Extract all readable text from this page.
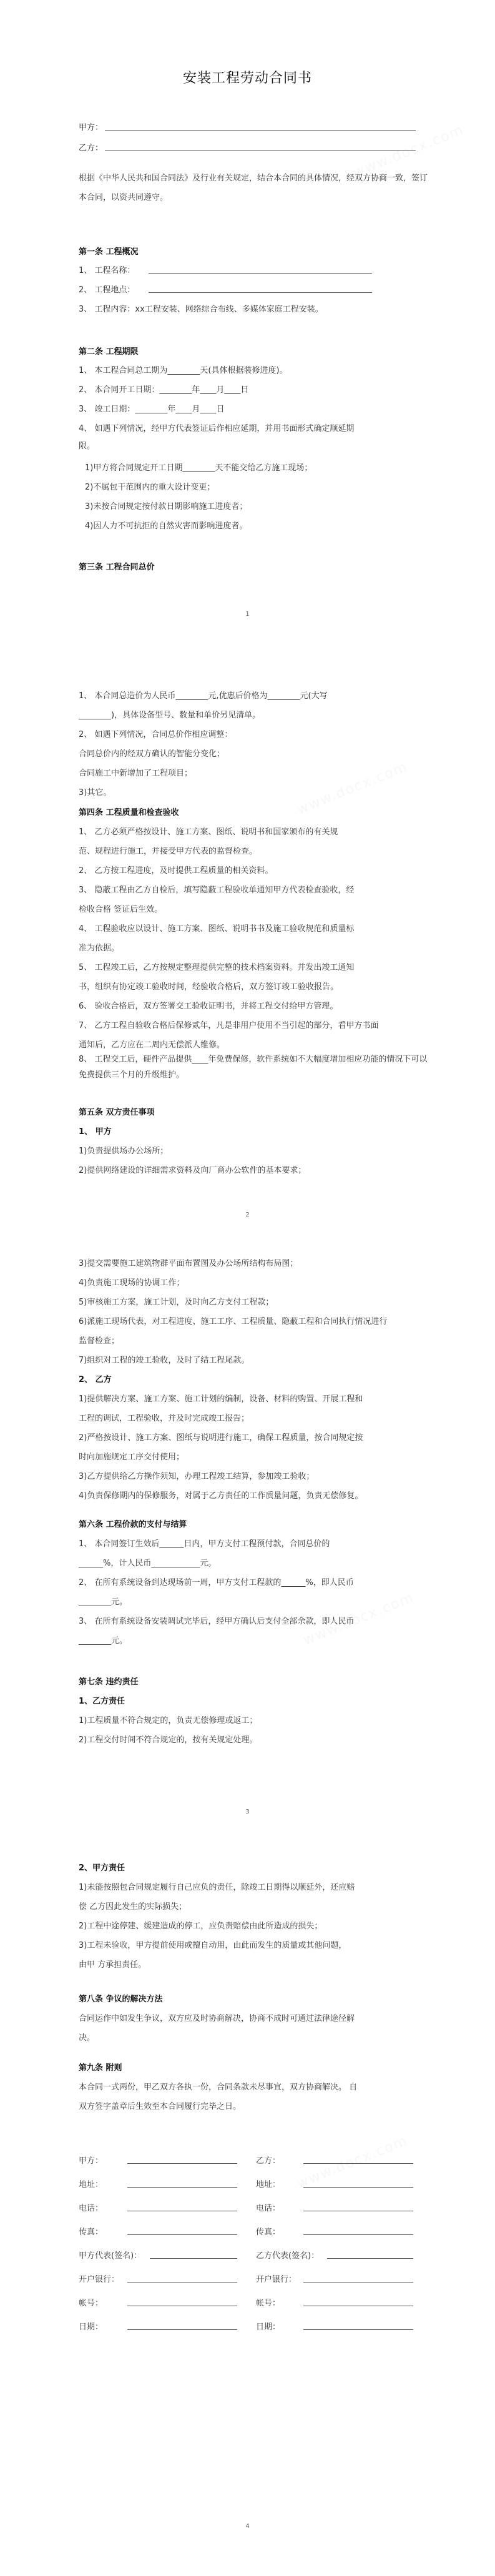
安装工程劳动合同书
甲方：
乙方：
根据《中华人民共和国合同法》及行业有关规定，结合本合同的具体情况，经双方协商一致，签订本合同，以资共同遵守。
第一条 工程概况
1、 工程名称：
2、 工程地点：
3、 工程内容：xx工程安装、网络综合布线、多媒体家庭工程安装。
第二条 工程期限
1、 本工程合同总工期为________天(具体根据装修进度)。
2、 本合同开工日期：________年____月____日
3、 竣工日期：________年____月____日
4、 如遇下列情况，经甲方代表签证后作相应延期，并用书面形式确定顺延期
限。
1)甲方将合同规定开工日期________天不能交给乙方施工现场；
2)不属包干范围内的重大设计变更；
3)未按合同规定按付款日期影响施工进度者；
4)因人力不可抗拒的自然灾害而影响进度者。
第三条 工程合同总价
1
1、 本合同总造价为人民币________元,优惠后价格为________元(大写
________)，具体设备型号、数量和单价另见清单。
2、 如遇下列情况，合同总价作相应调整：
合同总价内的经双方确认的智能分变化；
合同施工中新增加了工程项目；
3)其它。
第四条 工程质量和检查验收
1、 乙方必须严格按设计、施工方案、图纸、说明书和国家颁布的有关规
范、规程进行施工，并接受甲方代表的监督检查。
2、 乙方按工程进度，及时提供工程质量的相关资料。
3、 隐蔽工程由乙方自检后，填写隐蔽工程验收单通知甲方代表检查验收，经
检收合格 签证后生效。
4、 工程验收应以设计、施工方案、图纸、说明书书及施工验收规范和质量标
准为依据。
5、 工程竣工后，乙方按规定整理提供完整的技术档案资料。并发出竣工通知
书，组织有协定竣工验收时间，经验收合格后，双方签订竣工验收报告。
6、 验收合格后，双方签署交工验收证明书，并将工程交付给甲方管理。
7、 乙方工程自验收合格后保修贰年，凡是非用户使用不当引起的部分，看甲方书面
通知后，乙方应在二周内无偿派人维修。
8、 工程交工后，硬件产品提供____年免费保修，软件系统如不大幅度增加相应功能的情况下可以免费提供三个月的升级维护。
第五条 双方责任事项
1、 甲方
1)负责提供场办公场所；
2)提供网络建设的详细需求资料及向厂商办公软件的基本要求；
2
3)提交需要施工建筑物群平面布置图及办公场所结构布局图；
4)负责施工现场的协调工作；
5)审核施工方案，施工计划，及时向乙方支付工程款；
6)派施工现场代表，对工程进度、施工工序、工程质量、隐蔽工程和合同执行情况进行
监督检查；
7)组织对工程的竣工验收，及时了结工程尾款。
2、 乙方
1)提供解决方案、施工方案、施工计划的编制，设备、材料的购置、开展工程和
工程的调试，工程验收，并及时完成竣工报告；
2)严格按设计、施工方案、图纸与说明进行施工，确保工程质量，按合同规定按
时向加施规定工序交付使用；
3)乙方提供给乙方操作须知，办理工程竣工结算，参加竣工验收；
4)负责保修期内的保修服务，对属于乙方责任的工作质量问题，负责无偿修复。
第六条 工程价款的支付与结算
1、 本合同签订生效后______日内，甲方支付工程预付款，合同总价的
______%，计人民币____________元。
2、 在所有系统设备到达现场前一周，甲方支付工程款的______%，即人民币
________元。
3、 在所有系统设备安装调试完毕后，经甲方确认后支付全部余款，即人民币
________元。
第七条 违约责任
1、乙方责任
1)工程质量不符合规定的，负责无偿修理或返工；
2)工程交付时间不符合规定的，按有关规定处理。
3
2、甲方责任
1)未能按照包合同规定履行自己应负的责任，除竣工日期得以顺延外，还应赔
偿 乙方因此发生的实际损失；
2)工程中途停建、缓建造成的停工，应负责赔偿由此所造成的损失；
3)工程未验收，甲方提前使用或擅自动用，由此而发生的质量或其他问题，
由甲 方承担责任。
第八条 争议的解决方法
合同运作中如发生争议，双方应及时协商解决，协商不成时可通过法律途径解
决。
第九条 附则
本合同一式两份，甲乙双方各执一份，合同条款未尽事宜，双方协商解决。 自
双方签字盖章后生效至本合同履行完毕之日。
甲方：	乙方：
地址：	地址：
电话：	电话：
传真：	传真：
甲方代表(签名)：	乙方代表(签名)：
开户银行：	开户银行：
帐号：	帐号：
日期：	日期：
4
